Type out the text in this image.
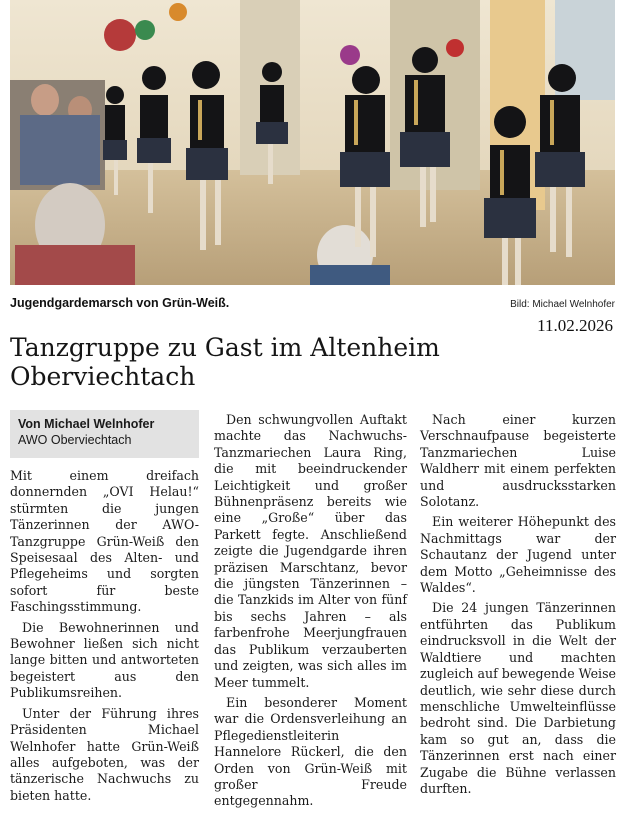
Jugendgardemarsch von Grün-Weiß.	Bild: Michael Welnhofer
11.02.2026
Tanzgruppe zu Gast im Altenheim Oberviechtach
Von Michael Welnhofer
AWO Oberviechtach

Mit einem dreifach donnernden „OVI Helau!“ stürmten die jungen Tänzerinnen der AWO-Tanzgruppe Grün-Weiß den Speisesaal des Alten- und Pflegeheims und sorgten sofort für beste Faschingsstimmung.

Die Bewohnerinnen und Bewohner ließen sich nicht lange bitten und antworteten begeistert aus den Publikumsreihen.

Unter der Führung ihres Präsidenten Michael Welnhofer hatte Grün-Weiß alles aufgeboten, was der tänzerische Nachwuchs zu bieten hatte.

Den schwungvollen Auftakt machte das Nachwuchs-Tanzmariechen Laura Ring, die mit beeindruckender Leichtigkeit und großer Bühnenpräsenz bereits wie eine „Große“ über das Parkett fegte. Anschließend zeigte die Jugendgarde ihren präzisen Marschtanz, bevor die jüngsten Tänzerinnen – die Tanzkids im Alter von fünf bis sechs Jahren – als farbenfrohe Meerjungfrauen das Publikum verzauberten und zeigten, was sich alles im Meer tummelt.

Ein besonderer Moment war die Ordensverleihung an Pflegedienstleiterin Hannelore Rückerl, die den Orden von Grün-Weiß mit großer Freude entgegennahm.

Nach einer kurzen Verschnaufpause begeisterte Tanzmariechen Luise Waldherr mit einem perfekten und ausdrucksstarken Solotanz.

Ein weiterer Höhepunkt des Nachmittags war der Schautanz der Jugend unter dem Motto „Geheimnisse des Waldes“.

Die 24 jungen Tänzerinnen entführten das Publikum eindrucksvoll in die Welt der Waldtiere und machten zugleich auf bewegende Weise deutlich, wie sehr diese durch menschliche Umwelteinflüsse bedroht sind. Die Darbietung kam so gut an, dass die Tänzerinnen erst nach einer Zugabe die Bühne verlassen durften.
